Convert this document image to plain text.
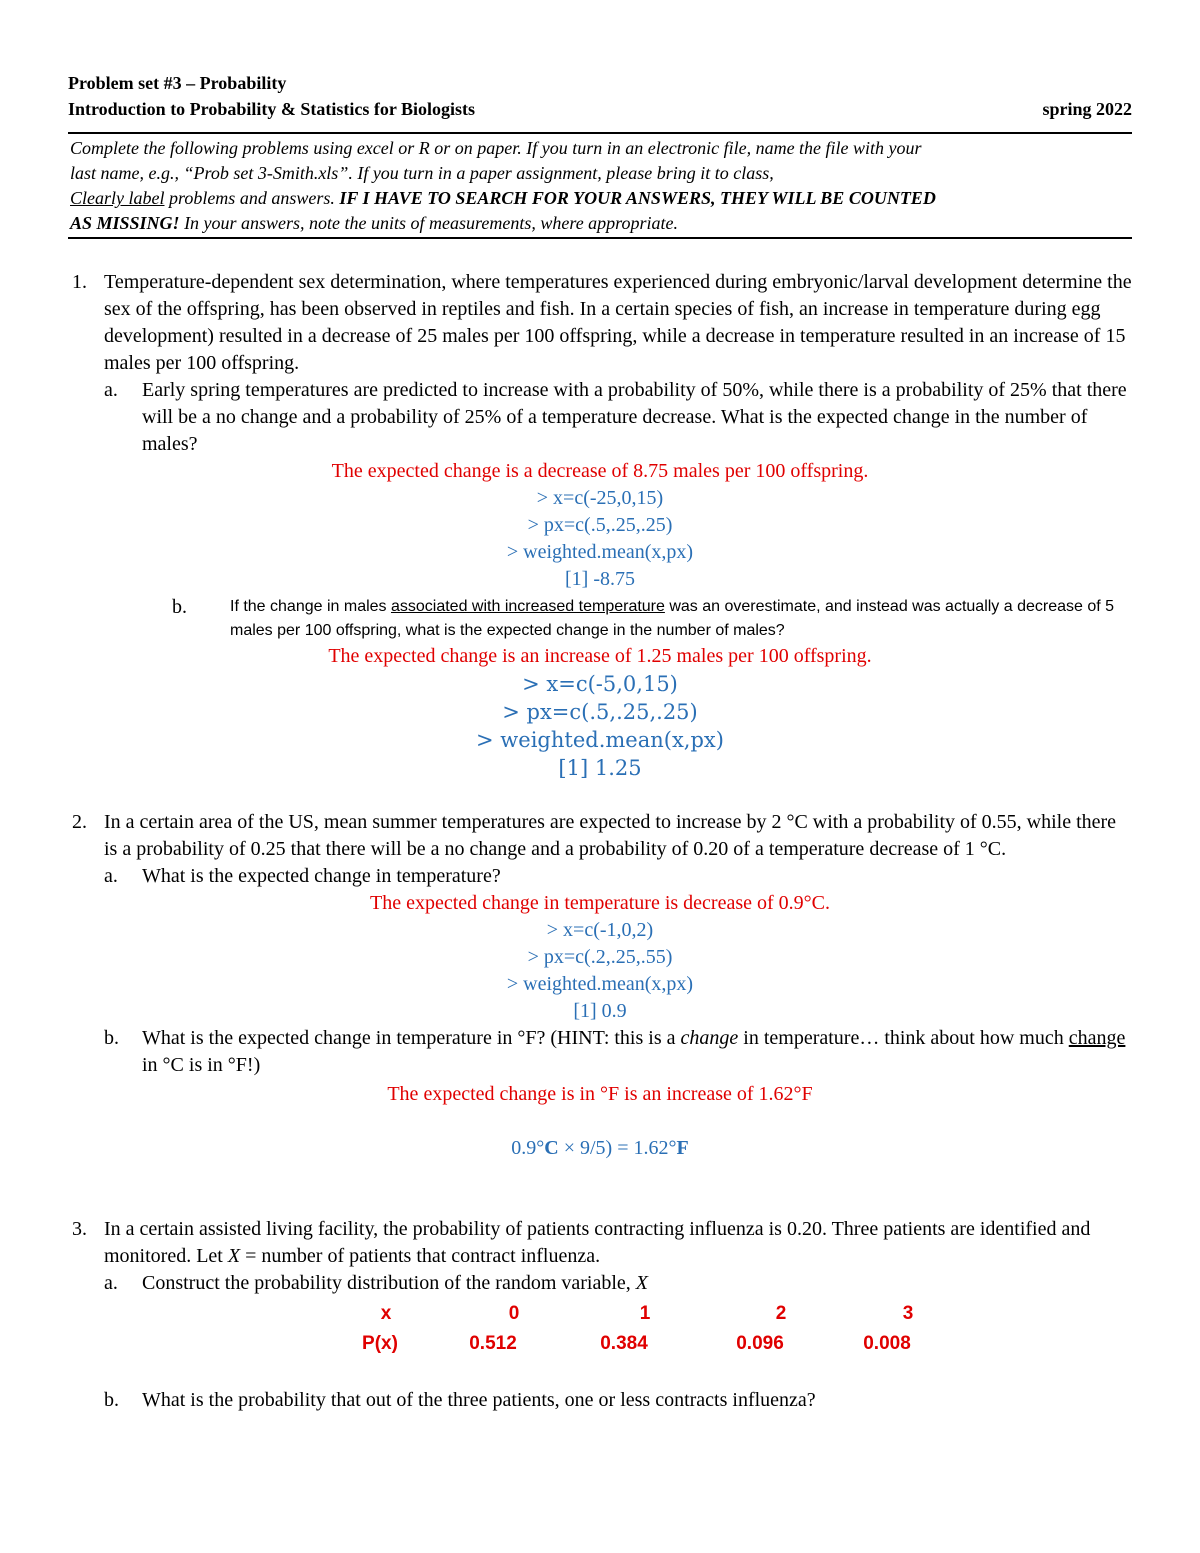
Problem set #3 – Probability
Introduction to Probability & Statistics for Biologists	spring 2022
Complete the following problems using excel or R or on paper. If you turn in an electronic file, name the file with your
last name, e.g., “Prob set 3-Smith.xls”. If you turn in a paper assignment, please bring it to class,
Clearly label problems and answers. IF I HAVE TO SEARCH FOR YOUR ANSWERS, THEY WILL BE COUNTED
AS MISSING! In your answers, note the units of measurements, where appropriate.
1. Temperature-dependent sex determination, where temperatures experienced during embryonic/larval development determine the sex of the offspring, has been observed in reptiles and fish. In a certain species of fish, an increase in temperature during egg development) resulted in a decrease of 25 males per 100 offspring, while a decrease in temperature resulted in an increase of 15 males per 100 offspring.
a. Early spring temperatures are predicted to increase with a probability of 50%, while there is a probability of 25% that there will be a no change and a probability of 25% of a temperature decrease. What is the expected change in the number of males?
The expected change is a decrease of 8.75 males per 100 offspring.
> x=c(-25,0,15)
> px=c(.5,.25,.25)
> weighted.mean(x,px)
[1] -8.75
b.	If the change in males associated with increased temperature was an overestimate, and instead was actually a decrease of 5 males per 100 offspring, what is the expected change in the number of males?
The expected change is an increase of 1.25 males per 100 offspring.
> x=c(-5,0,15)
> px=c(.5,.25,.25)
> weighted.mean(x,px)
[1] 1.25
2. In a certain area of the US, mean summer temperatures are expected to increase by 2 °C with a probability of 0.55, while there is a probability of 0.25 that there will be a no change and a probability of 0.20 of a temperature decrease of 1 °C.
a. What is the expected change in temperature?
The expected change in temperature is decrease of 0.9°C.
> x=c(-1,0,2)
> px=c(.2,.25,.55)
> weighted.mean(x,px)
[1] 0.9
b. What is the expected change in temperature in °F? (HINT: this is a change in temperature… think about how much change in °C is in °F!)
The expected change is in °F is an increase of 1.62°F
0.9°C × 9/5) = 1.62°F
3. In a certain assisted living facility, the probability of patients contracting influenza is 0.20. Three patients are identified and monitored. Let X = number of patients that contract influenza.
a. Construct the probability distribution of the random variable, X
x	0	1	2	3
P(x)	0.512	0.384	0.096	0.008
b. What is the probability that out of the three patients, one or less contracts influenza?
